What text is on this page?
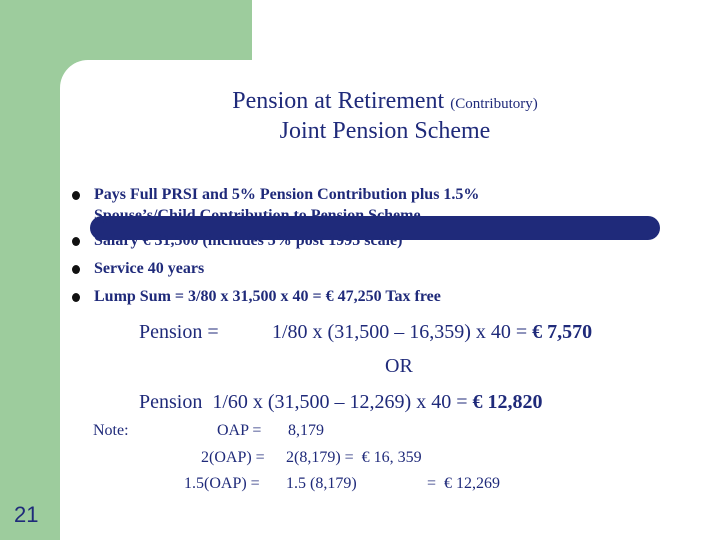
Pension at Retirement (Contributory)
Joint Pension Scheme
Pays Full PRSI and 5% Pension Contribution plus 1.5%
Spouse’s/Child Contribution to Pension Scheme
Salary € 31,500 (includes 5% post 1995 scale)
Service 40 years
Lump Sum = 3/80 x 31,500 x 40 = € 47,250 Tax free
Pension =	1/80 x (31,500 – 16,359) x 40 = € 7,570
OR
Pension  1/60 x (31,500 – 12,269) x 40 = € 12,820
Note:	OAP = 8,179
2(OAP) = 2(8,179) =  € 16, 359
1.5(OAP) = 1.5 (8,179)	=  € 12,269
21
